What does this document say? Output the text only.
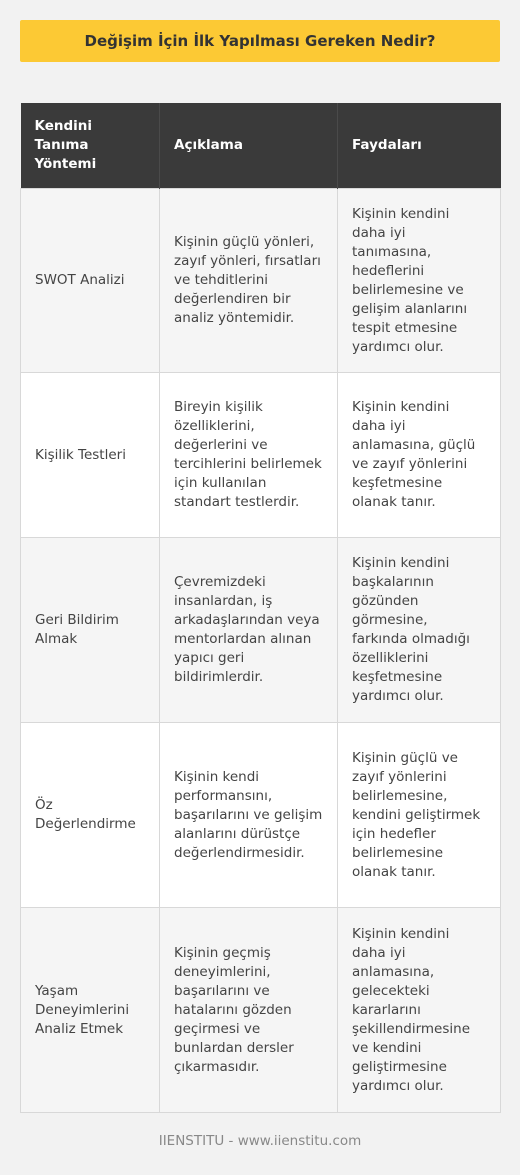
Değişim İçin İlk Yapılması Gereken Nedir?
Kendini Tanıma Yöntemi	Açıklama	Faydaları
SWOT Analizi	Kişinin güçlü yönleri, zayıf yönleri, fırsatları ve tehditlerini değerlendiren bir analiz yöntemidir.	Kişinin kendini daha iyi tanımasına, hedeflerini belirlemesine ve gelişim alanlarını tespit etmesine yardımcı olur.
Kişilik Testleri	Bireyin kişilik özelliklerini, değerlerini ve tercihlerini belirlemek için kullanılan standart testlerdir.	Kişinin kendini daha iyi anlamasına, güçlü ve zayıf yönlerini keşfetmesine olanak tanır.
Geri Bildirim Almak	Çevremizdeki insanlardan, iş arkadaşlarından veya mentorlardan alınan yapıcı geri bildirimlerdir.	Kişinin kendini başkalarının gözünden görmesine, farkında olmadığı özelliklerini keşfetmesine yardımcı olur.
Öz Değerlendirme	Kişinin kendi performansını, başarılarını ve gelişim alanlarını dürüstçe değerlendirmesidir.	Kişinin güçlü ve zayıf yönlerini belirlemesine, kendini geliştirmek için hedefler belirlemesine olanak tanır.
Yaşam Deneyimlerini Analiz Etmek	Kişinin geçmiş deneyimlerini, başarılarını ve hatalarını gözden geçirmesi ve bunlardan dersler çıkarmasıdır.	Kişinin kendini daha iyi anlamasına, gelecekteki kararlarını şekillendirmesine ve kendini geliştirmesine yardımcı olur.
IIENSTITU - www.iienstitu.com
